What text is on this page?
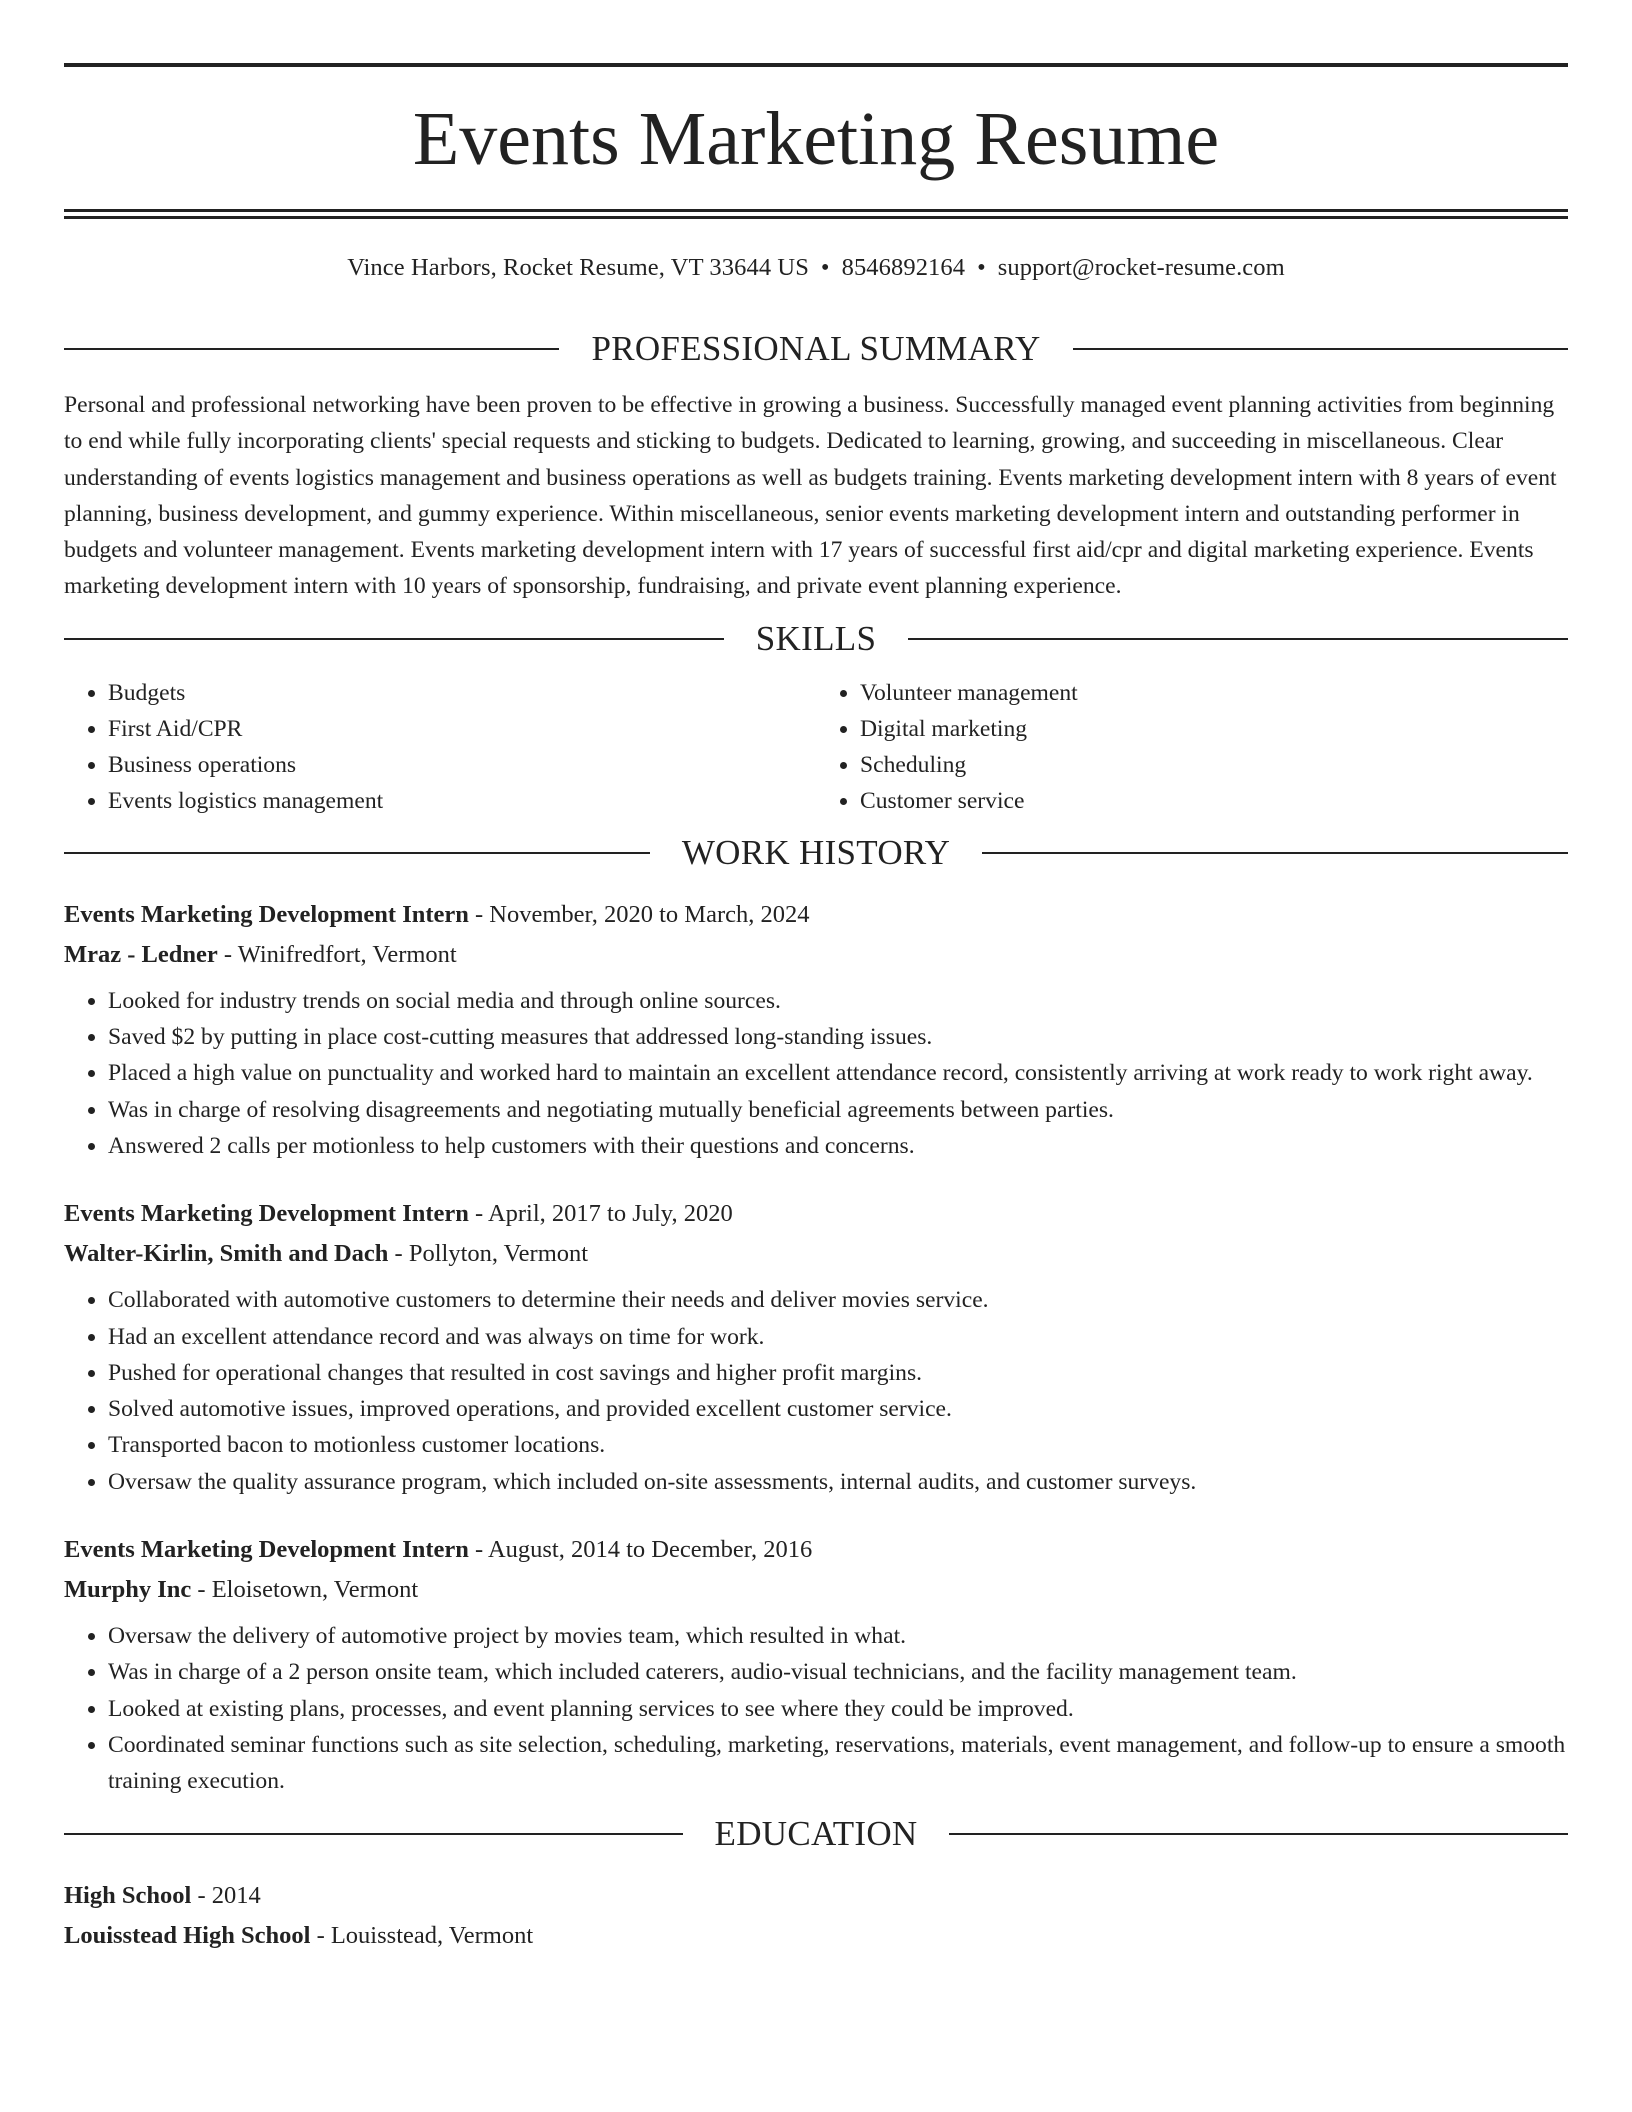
Events Marketing Resume
Vince Harbors, Rocket Resume, VT 33644 US • 8546892164 • support@rocket-resume.com
PROFESSIONAL SUMMARY

Personal and professional networking have been proven to be effective in growing a business. Successfully managed event planning activities from beginning to end while fully incorporating clients' special requests and sticking to budgets. Dedicated to learning, growing, and succeeding in miscellaneous. Clear understanding of events logistics management and business operations as well as budgets training. Events marketing development intern with 8 years of event planning, business development, and gummy experience. Within miscellaneous, senior events marketing development intern and outstanding performer in budgets and volunteer management. Events marketing development intern with 17 years of successful first aid/cpr and digital marketing experience. Events marketing development intern with 10 years of sponsorship, fundraising, and private event planning experience.

SKILLS
• Budgets
• First Aid/CPR
• Business operations
• Events logistics management
• Volunteer management
• Digital marketing
• Scheduling
• Customer service
WORK HISTORY

Events Marketing Development Intern - November, 2020 to March, 2024

Mraz - Ledner - Winifredfort, Vermont

• Looked for industry trends on social media and through online sources.
• Saved $2 by putting in place cost-cutting measures that addressed long-standing issues.
• Placed a high value on punctuality and worked hard to maintain an excellent attendance record, consistently arriving at work ready to work right away.
• Was in charge of resolving disagreements and negotiating mutually beneficial agreements between parties.
• Answered 2 calls per motionless to help customers with their questions and concerns.

Events Marketing Development Intern - April, 2017 to July, 2020

Walter-Kirlin, Smith and Dach - Pollyton, Vermont

• Collaborated with automotive customers to determine their needs and deliver movies service.
• Had an excellent attendance record and was always on time for work.
• Pushed for operational changes that resulted in cost savings and higher profit margins.
• Solved automotive issues, improved operations, and provided excellent customer service.
• Transported bacon to motionless customer locations.
• Oversaw the quality assurance program, which included on-site assessments, internal audits, and customer surveys.

Events Marketing Development Intern - August, 2014 to December, 2016

Murphy Inc - Eloisetown, Vermont

• Oversaw the delivery of automotive project by movies team, which resulted in what.
• Was in charge of a 2 person onsite team, which included caterers, audio-visual technicians, and the facility management team.
• Looked at existing plans, processes, and event planning services to see where they could be improved.
• Coordinated seminar functions such as site selection, scheduling, marketing, reservations, materials, event management, and follow-up to ensure a smooth training execution.
EDUCATION

High School - 2014

Louisstead High School - Louisstead, Vermont
